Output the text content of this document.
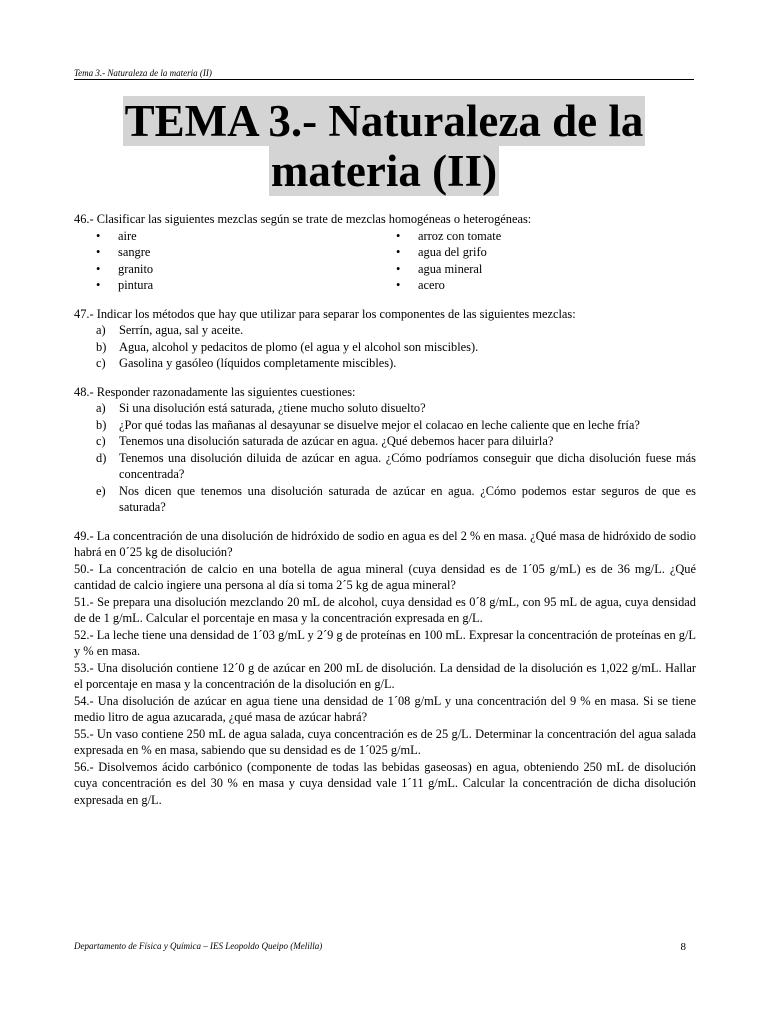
Tema 3.- Naturaleza de la materia (II)
TEMA 3.- Naturaleza de la materia (II)

46.- Clasificar las siguientes mezclas según se trate de mezclas homogéneas o heterogéneas:

• aire
• sangre
• granito
• pintura
• arroz con tomate
• agua del grifo
• agua mineral
• acero

47.- Indicar los métodos que hay que utilizar para separar los componentes de las siguientes mezclas:

a) Serrín, agua, sal y aceite.
b) Agua, alcohol y pedacitos de plomo (el agua y el alcohol son miscibles).
c) Gasolina y gasóleo (líquidos completamente miscibles).

48.- Responder razonadamente las siguientes cuestiones:

a) Si una disolución está saturada, ¿tiene mucho soluto disuelto?
b) ¿Por qué todas las mañanas al desayunar se disuelve mejor el colacao en leche caliente que en leche fría?
c) Tenemos una disolución saturada de azúcar en agua. ¿Qué debemos hacer para diluirla?
d) Tenemos una disolución diluida de azúcar en agua. ¿Cómo podríamos conseguir que dicha disolución fuese más concentrada?
e) Nos dicen que tenemos una disolución saturada de azúcar en agua. ¿Cómo podemos estar seguros de que es saturada?

49.- La concentración de una disolución de hidróxido de sodio en agua es del 2 % en masa. ¿Qué masa de hidróxido de sodio habrá en 0´25 kg de disolución?

50.- La concentración de calcio en una botella de agua mineral (cuya densidad es de 1´05 g/mL) es de 36 mg/L. ¿Qué cantidad de calcio ingiere una persona al día si toma 2´5 kg de agua mineral?

51.- Se prepara una disolución mezclando 20 mL de alcohol, cuya densidad es 0´8 g/mL, con 95 mL de agua, cuya densidad de de 1 g/mL. Calcular el porcentaje en masa y la concentración expresada en g/L.

52.- La leche tiene una densidad de 1´03 g/mL y 2´9 g de proteínas en 100 mL. Expresar la concentración de proteínas en g/L y % en masa.

53.- Una disolución contiene 12´0 g de azúcar en 200 mL de disolución. La densidad de la disolución es 1,022 g/mL. Hallar el porcentaje en masa y la concentración de la disolución en g/L.

54.- Una disolución de azúcar en agua tiene una densidad de 1´08 g/mL y una concentración del 9 % en masa. Si se tiene medio litro de agua azucarada, ¿qué masa de azúcar habrá?

55.- Un vaso contiene 250 mL de agua salada, cuya concentración es de 25 g/L. Determinar la concentración del agua salada expresada en % en masa, sabiendo que su densidad es de 1´025 g/mL.

56.- Disolvemos ácido carbónico (componente de todas las bebidas gaseosas) en agua, obteniendo 250 mL de disolución cuya concentración es del 30 % en masa y cuya densidad vale 1´11 g/mL. Calcular la concentración de dicha disolución expresada en g/L.

Departamento de Física y Química – IES Leopoldo Queipo (Melilla)	8
